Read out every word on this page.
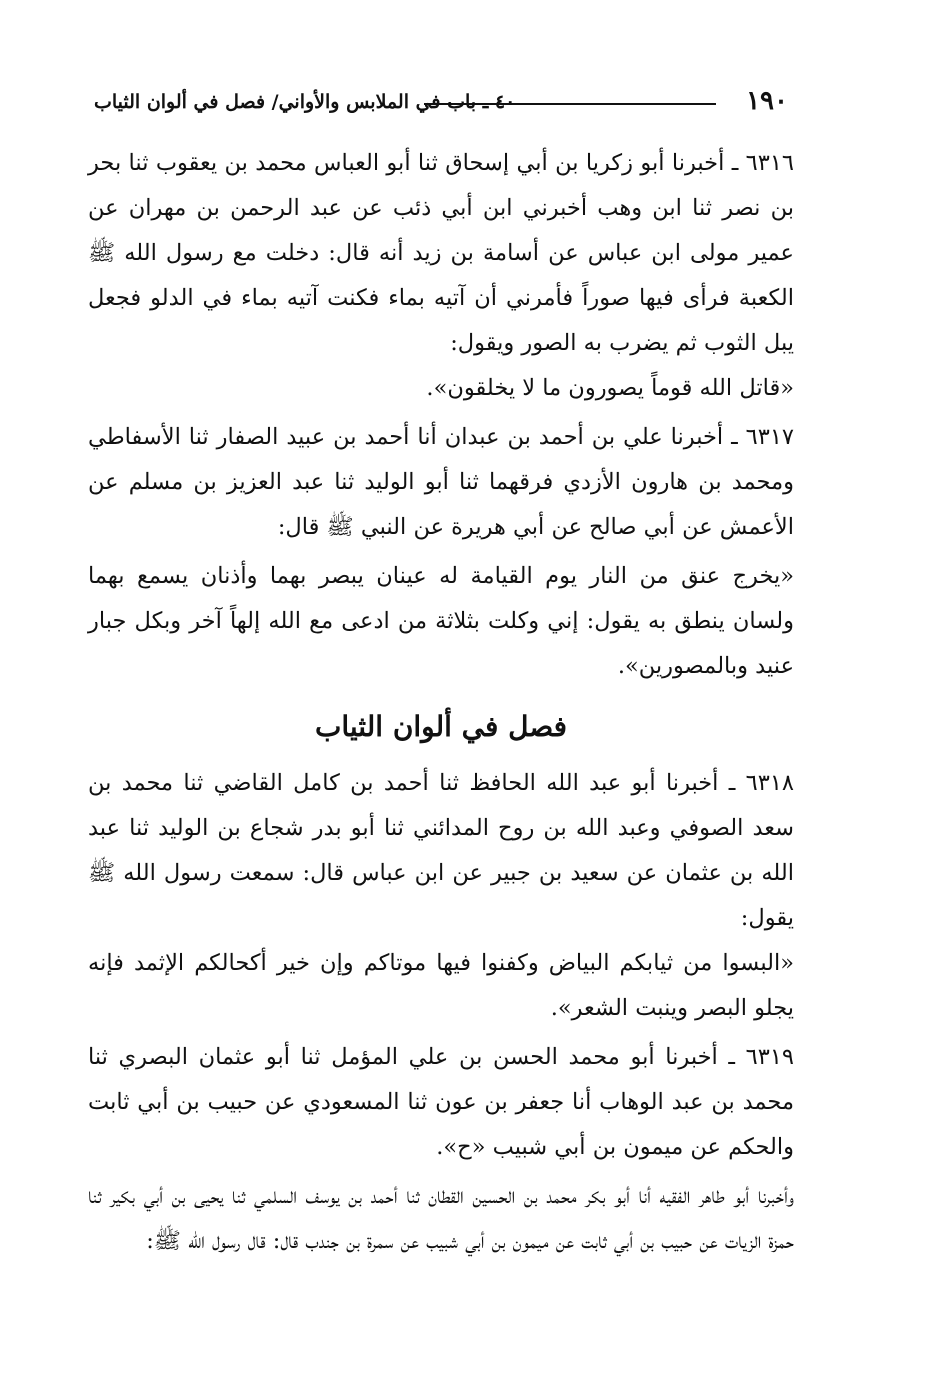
١٩٠
٤٠ ـ باب في الملابس والأواني/ فصل في ألوان الثياب

٦٣١٦ ـ أخبرنا أبو زكريا بن أبي إسحاق ثنا أبو العباس محمد بن يعقوب ثنا بحر بن نصر ثنا ابن وهب أخبرني ابن أبي ذئب عن عبد الرحمن بن مهران عن عمير مولى ابن عباس عن أسامة بن زيد أنه قال: دخلت مع رسول الله ﷺ الكعبة فرأى فيها صوراً فأمرني أن آتيه بماء فكنت آتيه بماء في الدلو فجعل يبل الثوب ثم يضرب به الصور ويقول:

«قاتل الله قوماً يصورون ما لا يخلقون».

٦٣١٧ ـ أخبرنا علي بن أحمد بن عبدان أنا أحمد بن عبيد الصفار ثنا الأسفاطي ومحمد بن هارون الأزدي فرقهما ثنا أبو الوليد ثنا عبد العزيز بن مسلم عن الأعمش عن أبي صالح عن أبي هريرة عن النبي ﷺ قال:

«يخرج عنق من النار يوم القيامة له عينان يبصر بهما وأذنان يسمع بهما ولسان ينطق به يقول: إني وكلت بثلاثة من ادعى مع الله إلهاً آخر وبكل جبار عنيد وبالمصورين».

فصل في ألوان الثياب

٦٣١٨ ـ أخبرنا أبو عبد الله الحافظ ثنا أحمد بن كامل القاضي ثنا محمد بن سعد الصوفي وعبد الله بن روح المدائني ثنا أبو بدر شجاع بن الوليد ثنا عبد الله بن عثمان عن سعيد بن جبير عن ابن عباس قال: سمعت رسول الله ﷺ يقول:

«البسوا من ثيابكم البياض وكفنوا فيها موتاكم وإن خير أكحالكم الإثمد فإنه يجلو البصر وينبت الشعر».

٦٣١٩ ـ أخبرنا أبو محمد الحسن بن علي المؤمل ثنا أبو عثمان البصري ثنا محمد بن عبد الوهاب أنا جعفر بن عون ثنا المسعودي عن حبيب بن أبي ثابت والحكم عن ميمون بن أبي شبيب «ح».

وأخبرنا أبو طاهر الفقيه أنا أبو بكر محمد بن الحسين القطان ثنا أحمد بن يوسف السلمي ثنا يحيى بن أبي بكير ثنا حمزة الزيات عن حبيب بن أبي ثابت عن ميمون بن أبي شبيب عن سمرة بن جندب قال: قال رسول الله ﷺ:
